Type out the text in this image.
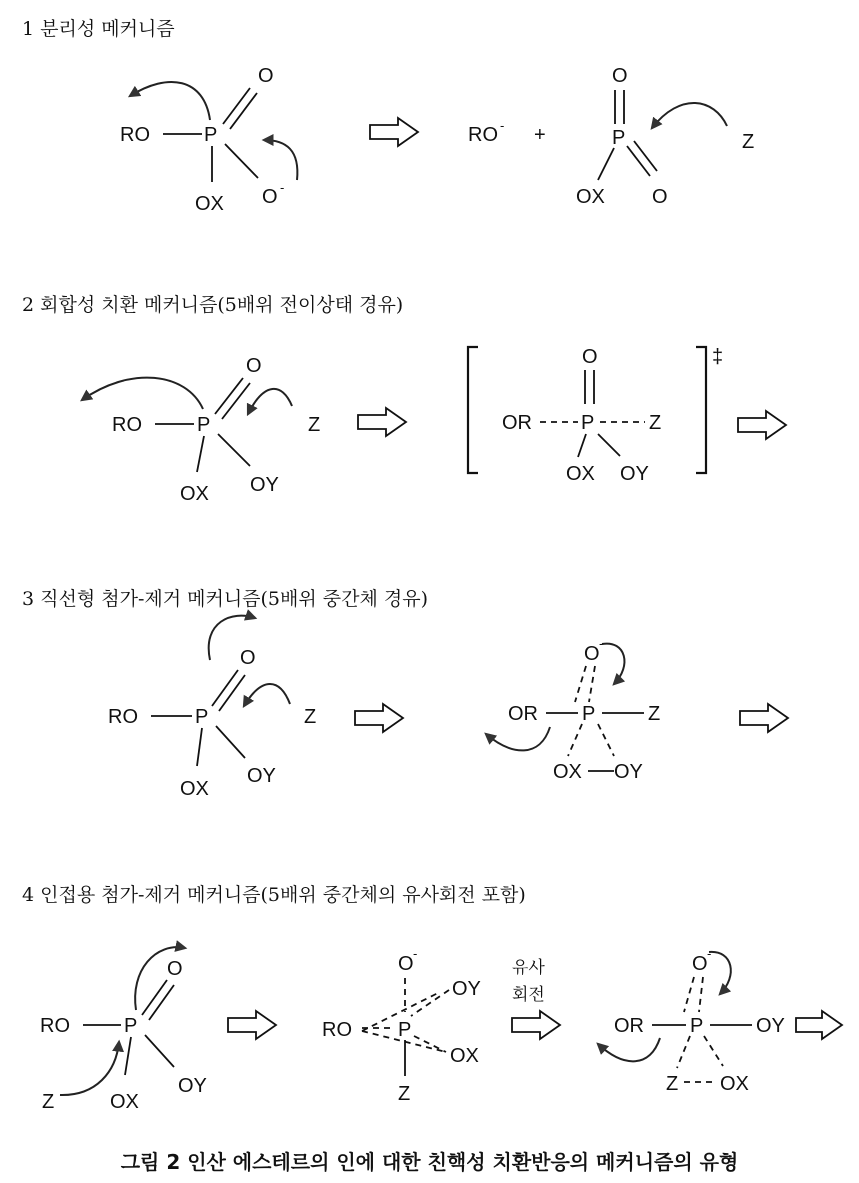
1 분리성 메커니즘
2 회합성 치환 메커니즘(5배위 전이상태 경유)
3 직선형 첨가-제거 메커니즘(5배위 중간체 경유)
4 인접용 첨가-제거 메커니즘(5배위 중간체의 유사회전 포함)
RO	P
O
OX O -
RO - +
O
P
OX O
Z
RO	P
O
OX OY
Z
‡
O
OR P	Z
OX OY
RO	P
O
OX
OY
Z
O -
OR P	Z
OX OY
RO	P
O
OX
OY
Z
O -
OY
RO P
OX
Z
유사
회전
O -
OR P	OY
Z OX
그림 2 인산 에스테르의 인에 대한 친핵성 치환반응의 메커니즘의 유형
